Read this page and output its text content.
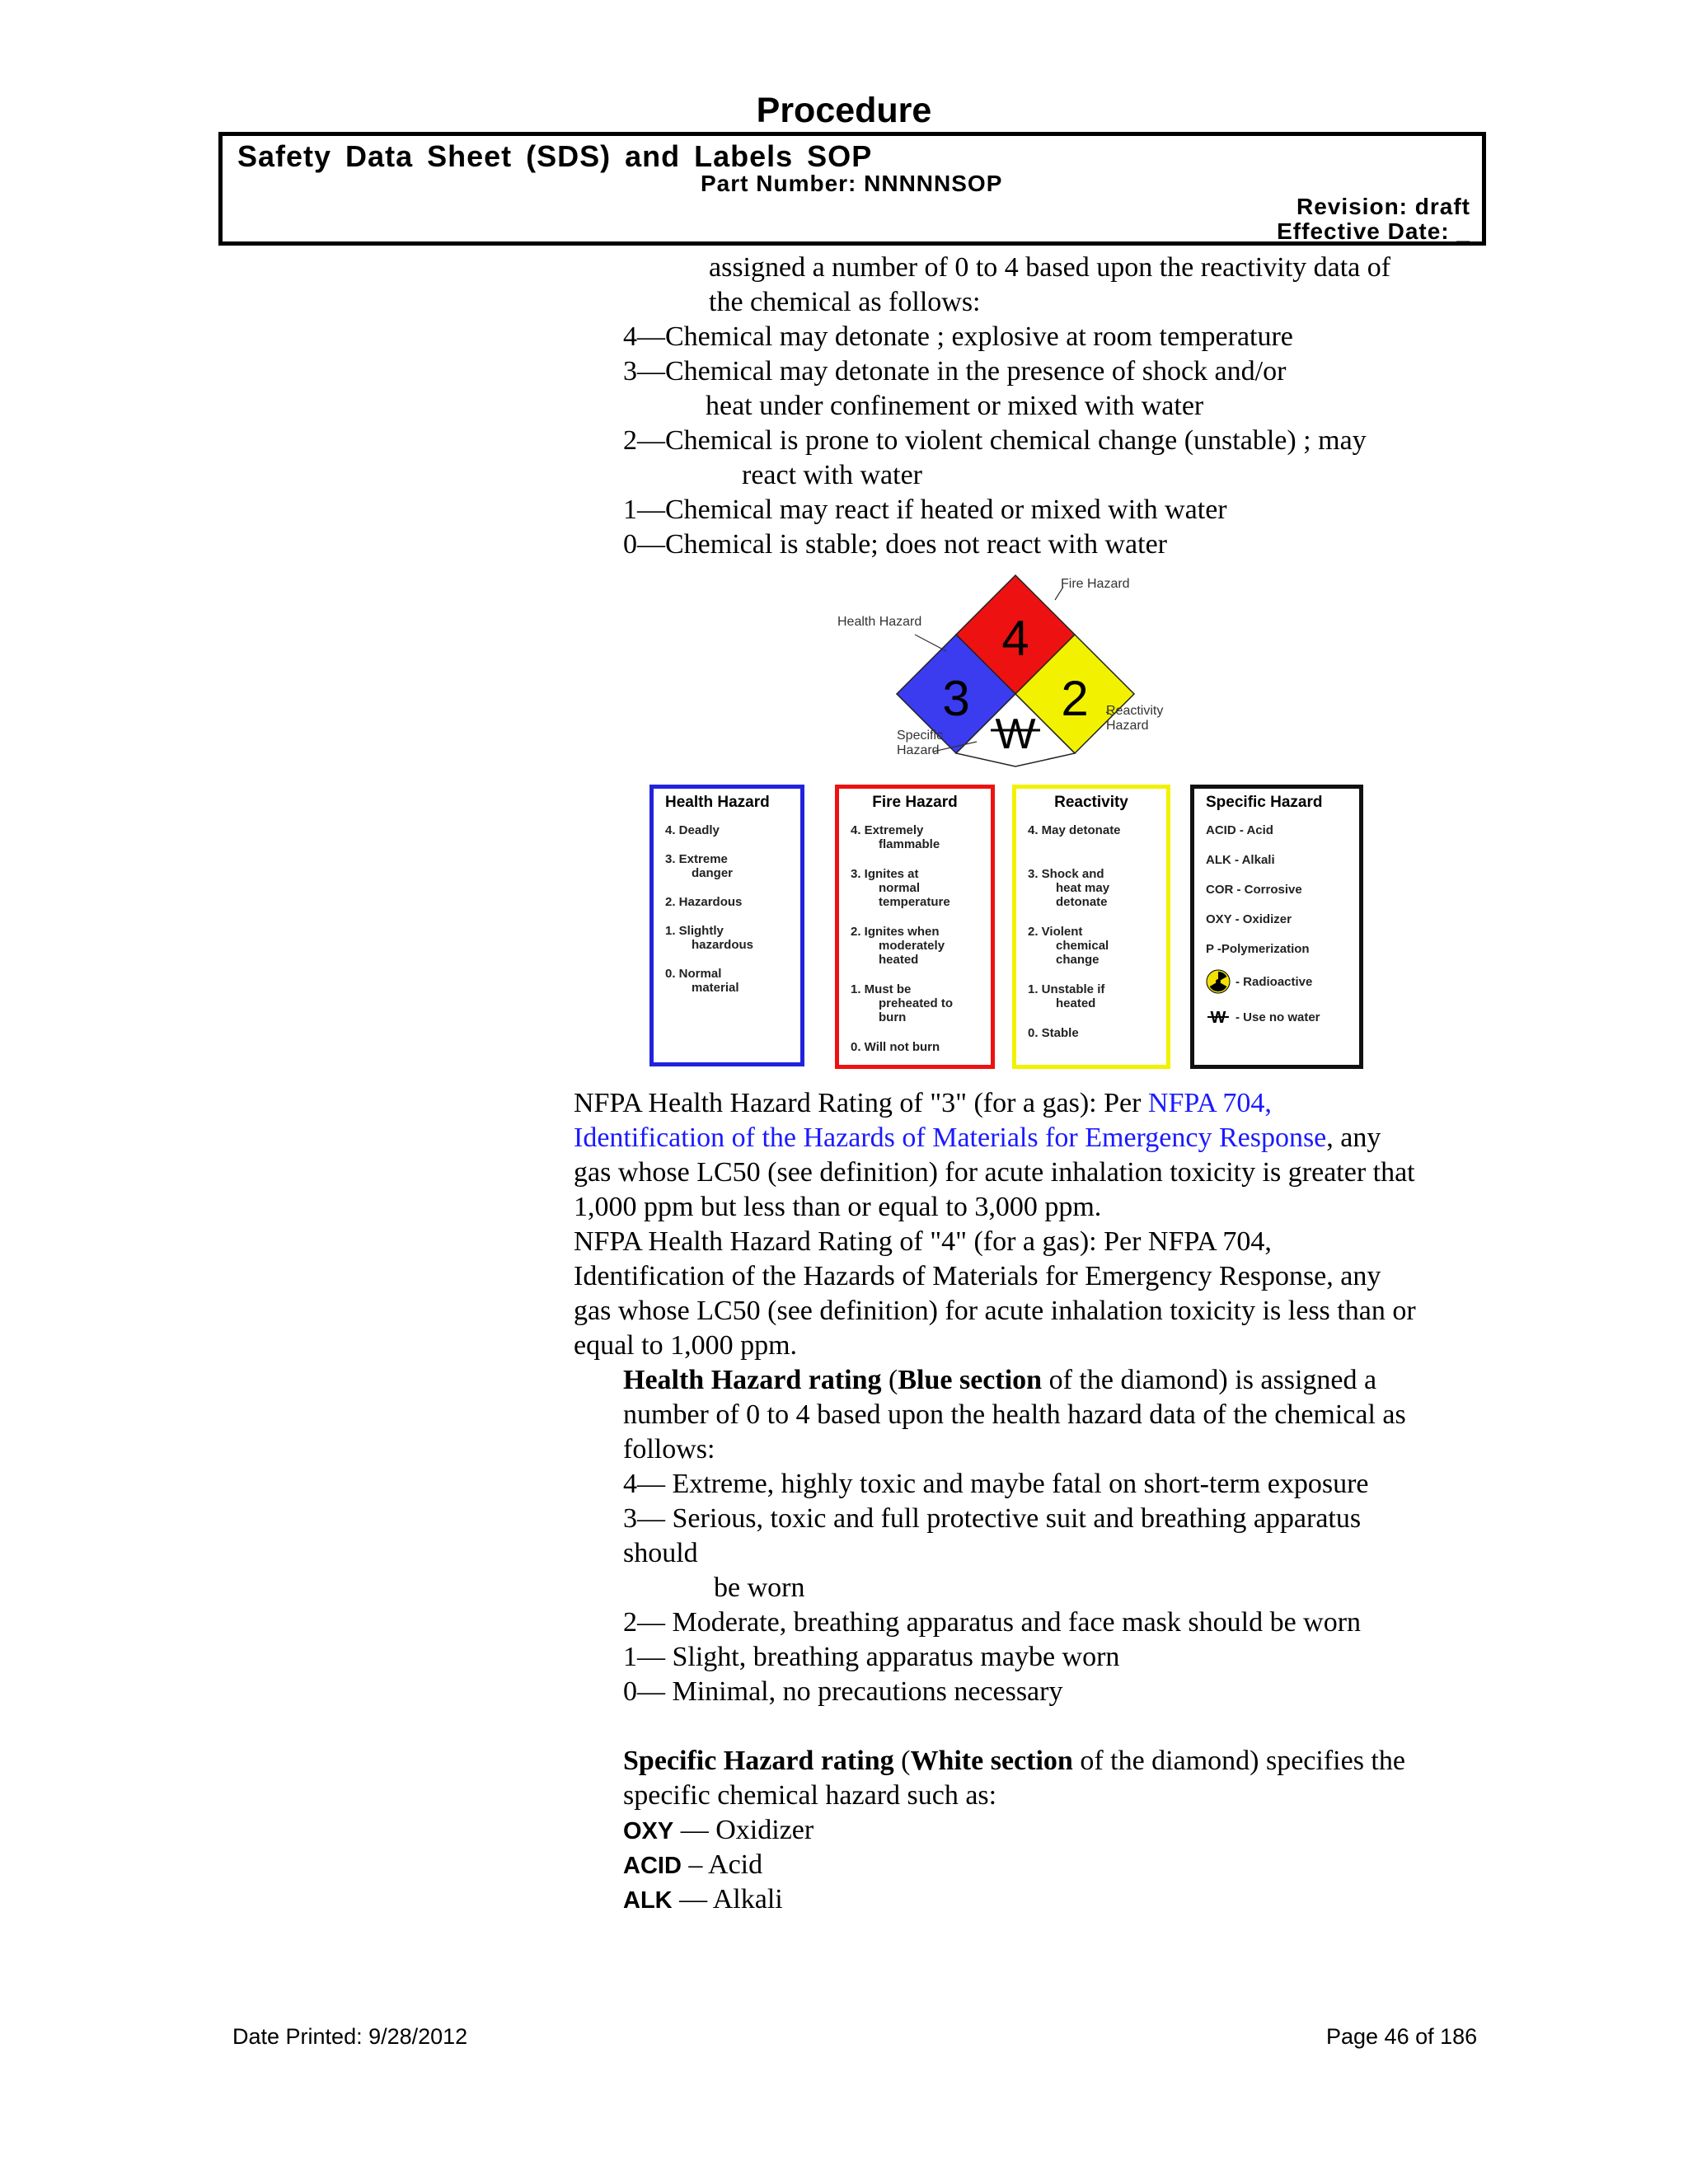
Procedure
Safety Data Sheet (SDS) and Labels SOP
Part Number: NNNNNSOP
Revision: draft
Effective Date: _
assigned a number of 0 to 4 based upon the reactivity data of
the chemical as follows:
4—Chemical may detonate ; explosive at room temperature
3—Chemical may detonate in the presence of shock and/or
heat under confinement or mixed with water
2—Chemical is prone to violent chemical change (unstable) ; may
react with water
1—Chemical may react if heated or mixed with water
0—Chemical is stable; does not react with water
4
3 2
W
Fire Hazard
Health Hazard
Reactivity
Hazard
Specific
Hazard
Health Hazard
4. Deadly
3. Extreme
danger
2. Hazardous
1. Slightly
hazardous
0. Normal
material
Fire Hazard
4. Extremely
flammable
3. Ignites at
normal
temperature
2. Ignites when
moderately
heated
1. Must be
preheated to
burn
0. Will not burn
Reactivity
4. May detonate
3. Shock and
heat may
detonate
2. Violent
chemical
change
1. Unstable if
heated
0. Stable
Specific Hazard
ACID - Acid
ALK - Alkali
COR - Corrosive
OXY - Oxidizer
P -Polymerization
- Radioactive
W - Use no water
NFPA Health Hazard Rating of "3" (for a gas): Per NFPA 704,
Identification of the Hazards of Materials for Emergency Response, any
gas whose LC50 (see definition) for acute inhalation toxicity is greater that
1,000 ppm but less than or equal to 3,000 ppm.
NFPA Health Hazard Rating of "4" (for a gas): Per NFPA 704,
Identification of the Hazards of Materials for Emergency Response, any
gas whose LC50 (see definition) for acute inhalation toxicity is less than or
equal to 1,000 ppm.
Health Hazard rating (Blue section of the diamond) is assigned a
number of 0 to 4 based upon the health hazard data of the chemical as
follows:
4— Extreme, highly toxic and maybe fatal on short-term exposure
3— Serious, toxic and full protective suit and breathing apparatus
should
be worn
2— Moderate, breathing apparatus and face mask should be worn
1— Slight, breathing apparatus maybe worn
0— Minimal, no precautions necessary
Specific Hazard rating (White section of the diamond) specifies the
specific chemical hazard such as:
OXY — Oxidizer
ACID – Acid
ALK — Alkali
Date Printed: 9/28/2012	Page 46 of 186
